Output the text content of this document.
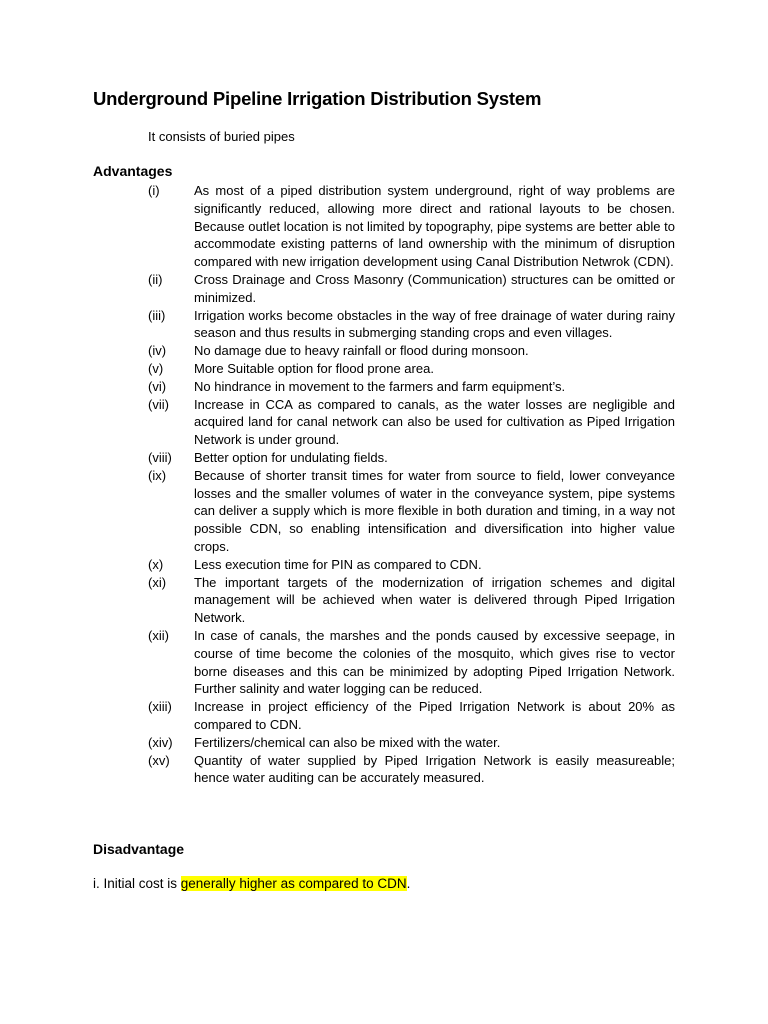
Underground Pipeline Irrigation Distribution System
It consists of buried pipes
Advantages
(i)	As most of a piped distribution system underground, right of way problems are significantly reduced, allowing more direct and rational layouts to be chosen. Because outlet location is not limited by topography, pipe systems are better able to accommodate existing patterns of land ownership with the minimum of disruption compared with new irrigation development using Canal Distribution Netwrok (CDN).
(ii)	Cross Drainage and Cross Masonry (Communication) structures can be omitted or minimized.
(iii)	Irrigation works become obstacles in the way of free drainage of water during rainy season and thus results in submerging standing crops and even villages.
(iv)	No damage due to heavy rainfall or flood during monsoon.
(v)	More Suitable option for flood prone area.
(vi)	No hindrance in movement to the farmers and farm equipment’s.
(vii)	Increase in CCA as compared to canals, as the water losses are negligible and acquired land for canal network can also be used for cultivation as Piped Irrigation Network is under ground.
(viii)	Better option for undulating fields.
(ix)	Because of shorter transit times for water from source to field, lower conveyance losses and the smaller volumes of water in the conveyance system, pipe systems can deliver a supply which is more flexible in both duration and timing, in a way not possible CDN, so enabling intensification and diversification into higher value crops.
(x)	Less execution time for PIN as compared to CDN.
(xi)	The important targets of the modernization of irrigation schemes and digital management will be achieved when water is delivered through Piped Irrigation Network.
(xii)	In case of canals, the marshes and the ponds caused by excessive seepage, in course of time become the colonies of the mosquito, which gives rise to vector borne diseases and this can be minimized by adopting Piped Irrigation Network. Further salinity and water logging can be reduced.
(xiii)	Increase in project efficiency of the Piped Irrigation Network is about 20% as compared to CDN.
(xiv)	Fertilizers/chemical can also be mixed with the water.
(xv)	Quantity of water supplied by Piped Irrigation Network is easily measureable; hence water auditing can be accurately measured.
Disadvantage
i. Initial cost is generally higher as compared to CDN.
